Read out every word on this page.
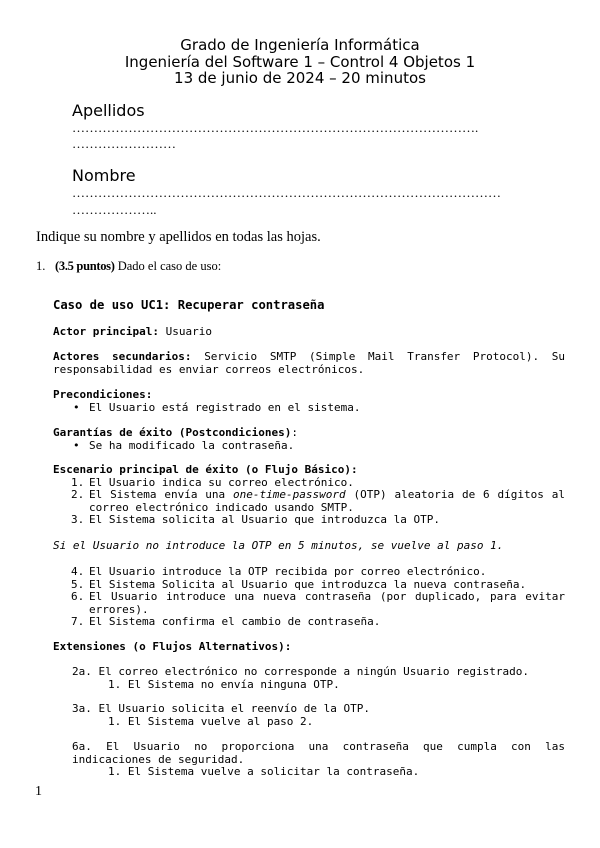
Grado de Ingeniería Informática
Ingeniería del Software 1 – Control 4 Objetos 1
13 de junio de 2024 – 20 minutos
Apellidos
………………………………………………………………………………….
……………………
Nombre
………………………………………………………………………………………
………………..
Indique su nombre y apellidos en todas las hojas.
1. (3.5 puntos) Dado el caso de uso:
Caso de uso UC1: Recuperar contraseña
Actor principal: Usuario
Actores secundarios: Servicio SMTP (Simple Mail Transfer Protocol). Su responsabilidad es enviar correos electrónicos.
Precondiciones:
• El Usuario está registrado en el sistema.
Garantías de éxito (Postcondiciones):
• Se ha modificado la contraseña.
Escenario principal de éxito (o Flujo Básico):
1. El Usuario indica su correo electrónico.
2. El Sistema envía una one-time-password (OTP) aleatoria de 6 dígitos al correo electrónico indicado usando SMTP.
3. El Sistema solicita al Usuario que introduzca la OTP.
Si el Usuario no introduce la OTP en 5 minutos, se vuelve al paso 1.
4. El Usuario introduce la OTP recibida por correo electrónico.
5. El Sistema Solicita al Usuario que introduzca la nueva contraseña.
6. El Usuario introduce una nueva contraseña (por duplicado, para evitar errores).
7. El Sistema confirma el cambio de contraseña.
Extensiones (o Flujos Alternativos):
2a. El correo electrónico no corresponde a ningún Usuario registrado.
1. El Sistema no envía ninguna OTP.
3a. El Usuario solicita el reenvío de la OTP.
1. El Sistema vuelve al paso 2.
6a. El Usuario no proporciona una contraseña que cumpla con las indicaciones de seguridad.
1. El Sistema vuelve a solicitar la contraseña.
1
